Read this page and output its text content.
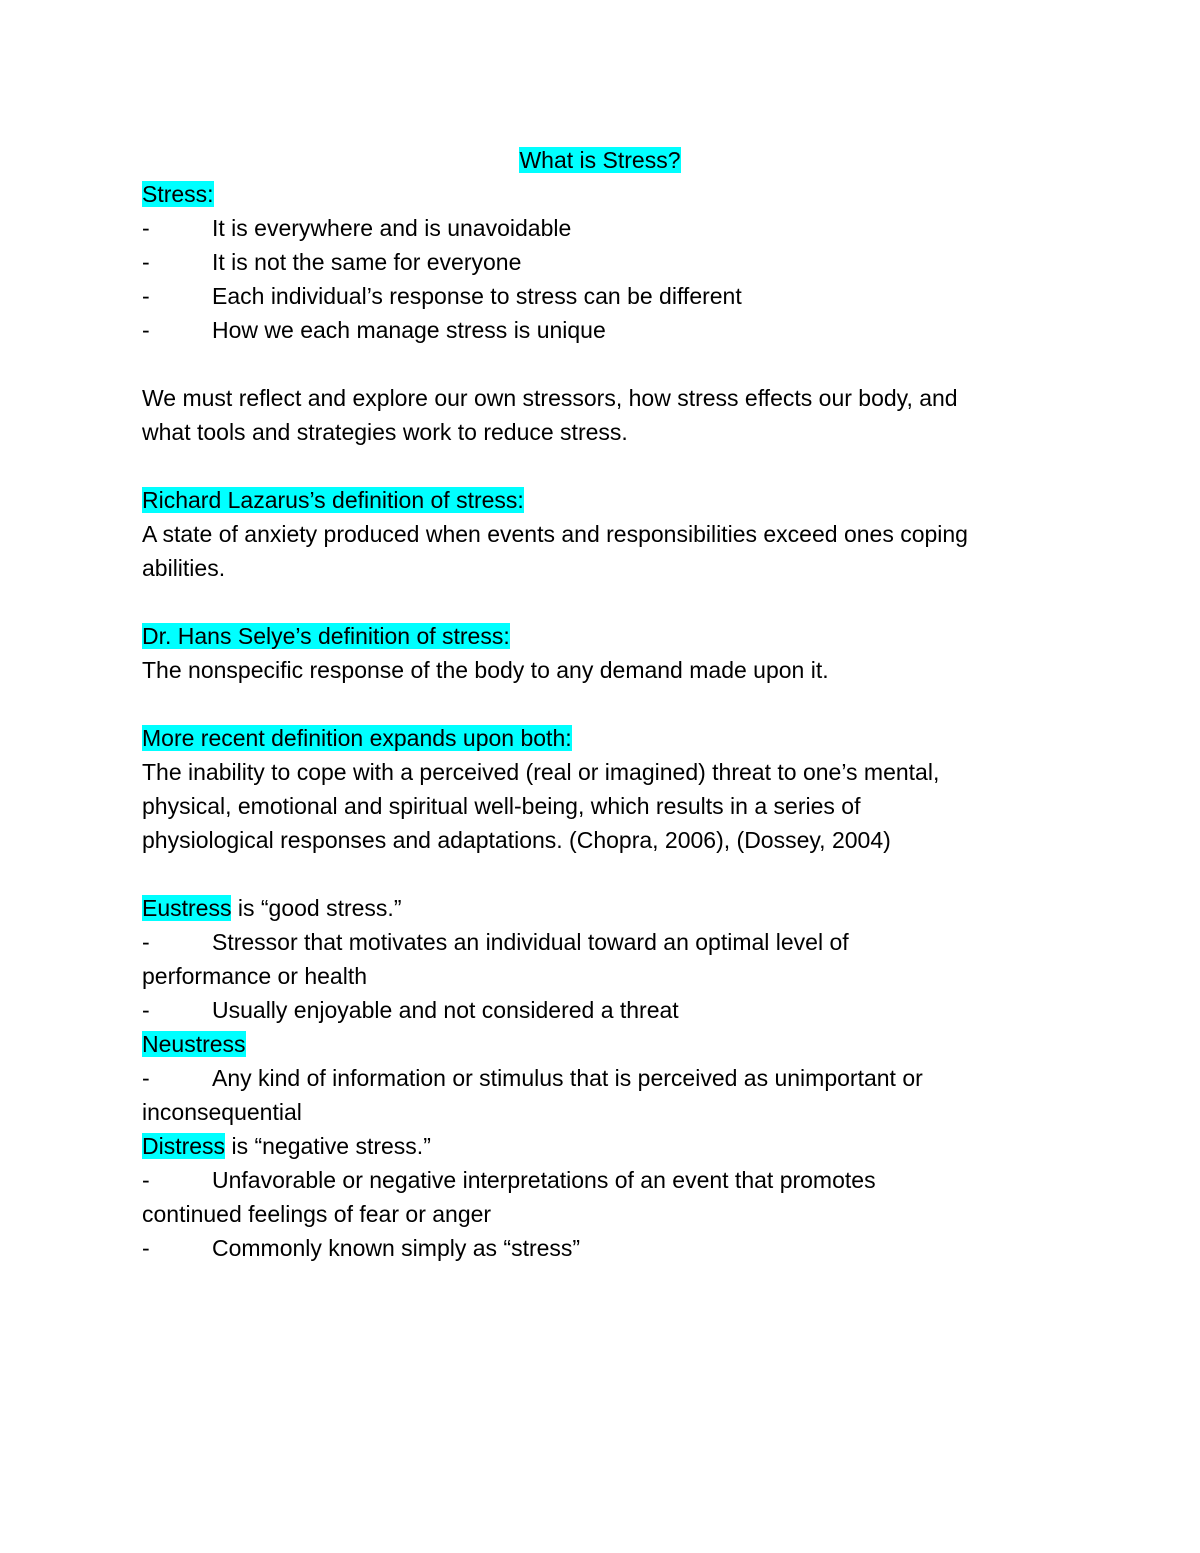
What is Stress?
Stress:
-	It is everywhere and is unavoidable
-	It is not the same for everyone
-	Each individual’s response to stress can be different
-	How we each manage stress is unique
We must reflect and explore our own stressors, how stress effects our body, and
what tools and strategies work to reduce stress.
Richard Lazarus’s definition of stress:
A state of anxiety produced when events and responsibilities exceed ones coping
abilities.
Dr. Hans Selye’s definition of stress:
The nonspecific response of the body to any demand made upon it.
More recent definition expands upon both:
The inability to cope with a perceived (real or imagined) threat to one’s mental,
physical, emotional and spiritual well-being, which results in a series of
physiological responses and adaptations. (Chopra, 2006), (Dossey, 2004)
Eustress is “good stress.”
-	Stressor that motivates an individual toward an optimal level of
performance or health
-	Usually enjoyable and not considered a threat
Neustress
-	Any kind of information or stimulus that is perceived as unimportant or
inconsequential
Distress is “negative stress.”
-	Unfavorable or negative interpretations of an event that promotes
continued feelings of fear or anger
-	Commonly known simply as “stress”
